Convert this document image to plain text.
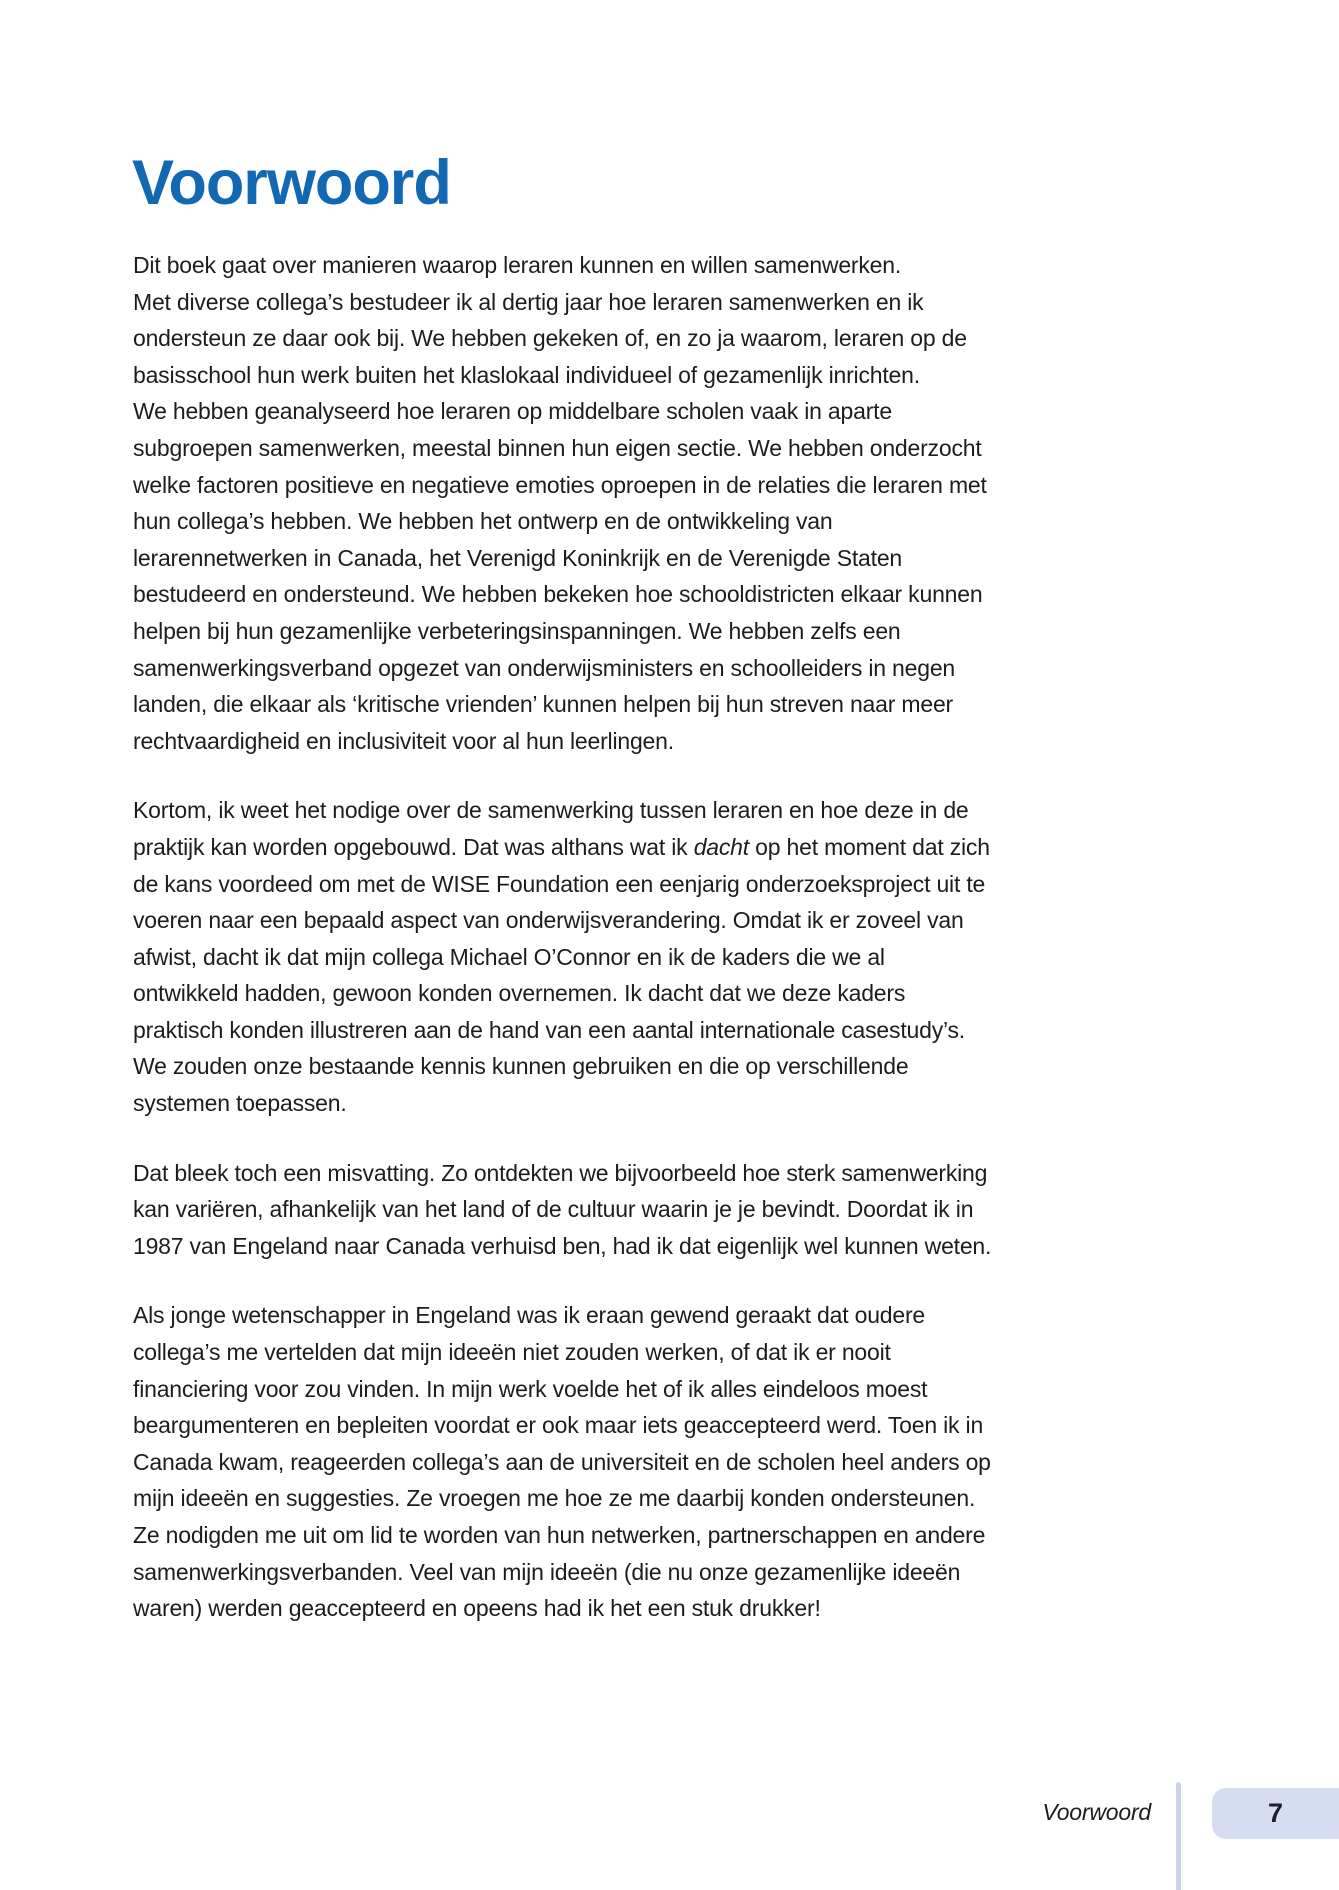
Voorwoord
Dit boek gaat over manieren waarop leraren kunnen en willen samenwerken.
Met diverse collega’s bestudeer ik al dertig jaar hoe leraren samenwerken en ik
ondersteun ze daar ook bij. We hebben gekeken of, en zo ja waarom, leraren op de
basisschool hun werk buiten het klaslokaal individueel of gezamenlijk inrichten.
We hebben geanalyseerd hoe leraren op middelbare scholen vaak in aparte
subgroepen samenwerken, meestal binnen hun eigen sectie. We hebben onderzocht
welke factoren positieve en negatieve emoties oproepen in de relaties die leraren met
hun collega’s hebben. We hebben het ontwerp en de ontwikkeling van
lerarennetwerken in Canada, het Verenigd Koninkrijk en de Verenigde Staten
bestudeerd en ondersteund. We hebben bekeken hoe schooldistricten elkaar kunnen
helpen bij hun gezamenlijke verbeteringsinspanningen. We hebben zelfs een
samenwerkingsverband opgezet van onderwijsministers en schoolleiders in negen
landen, die elkaar als ‘kritische vrienden’ kunnen helpen bij hun streven naar meer
rechtvaardigheid en inclusiviteit voor al hun leerlingen.
Kortom, ik weet het nodige over de samenwerking tussen leraren en hoe deze in de
praktijk kan worden opgebouwd. Dat was althans wat ik dacht op het moment dat zich
de kans voordeed om met de WISE Foundation een eenjarig onderzoeksproject uit te
voeren naar een bepaald aspect van onderwijsverandering. Omdat ik er zoveel van
afwist, dacht ik dat mijn collega Michael O’Connor en ik de kaders die we al
ontwikkeld hadden, gewoon konden overnemen. Ik dacht dat we deze kaders
praktisch konden illustreren aan de hand van een aantal internationale casestudy’s.
We zouden onze bestaande kennis kunnen gebruiken en die op verschillende
systemen toepassen.
Dat bleek toch een misvatting. Zo ontdekten we bijvoorbeeld hoe sterk samenwerking
kan variëren, afhankelijk van het land of de cultuur waarin je je bevindt. Doordat ik in
1987 van Engeland naar Canada verhuisd ben, had ik dat eigenlijk wel kunnen weten.
Als jonge wetenschapper in Engeland was ik eraan gewend geraakt dat oudere
collega’s me vertelden dat mijn ideeën niet zouden werken, of dat ik er nooit
financiering voor zou vinden. In mijn werk voelde het of ik alles eindeloos moest
beargumenteren en bepleiten voordat er ook maar iets geaccepteerd werd. Toen ik in
Canada kwam, reageerden collega’s aan de universiteit en de scholen heel anders op
mijn ideeën en suggesties. Ze vroegen me hoe ze me daarbij konden ondersteunen.
Ze nodigden me uit om lid te worden van hun netwerken, partnerschappen en andere
samenwerkingsverbanden. Veel van mijn ideeën (die nu onze gezamenlijke ideeën
waren) werden geaccepteerd en opeens had ik het een stuk drukker!
Voorwoord	7
